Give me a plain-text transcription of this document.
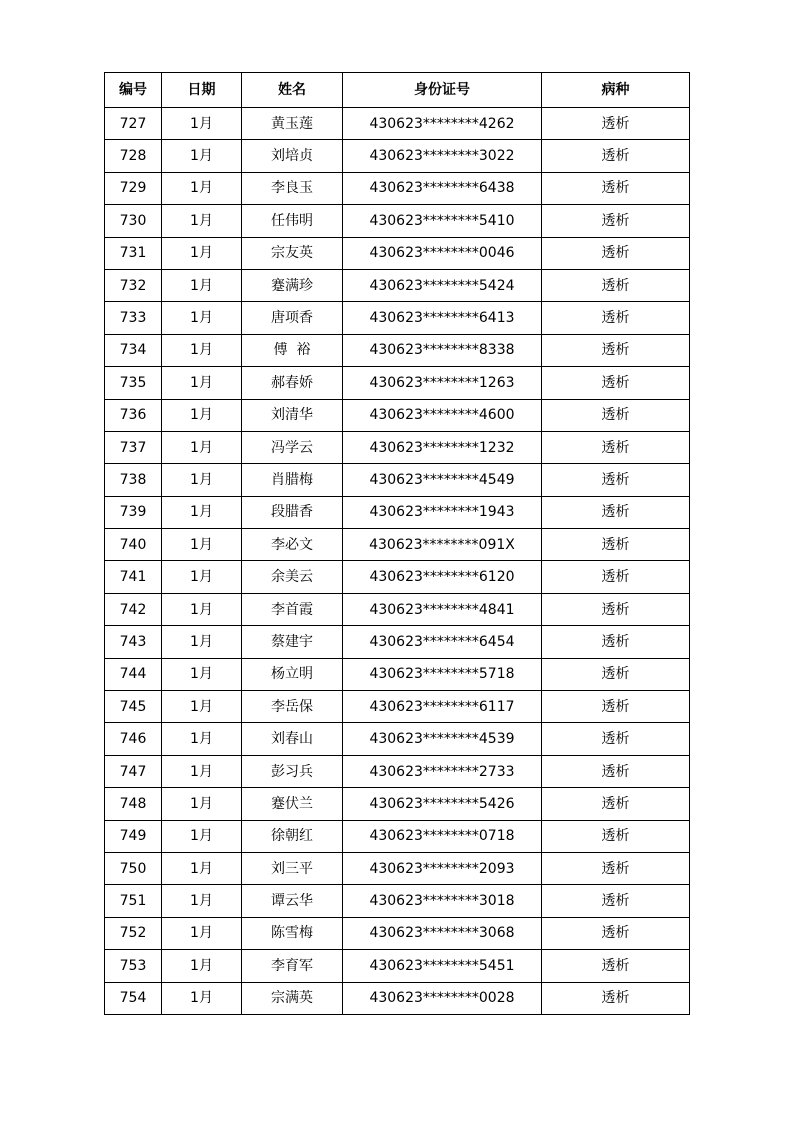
编号	日期	姓名	身份证号	病种
727	1月	黄玉莲	430623********4262	透析
728	1月	刘培贞	430623********3022	透析
729	1月	李良玉	430623********6438	透析
730	1月	任伟明	430623********5410	透析
731	1月	宗友英	430623********0046	透析
732	1月	蹇满珍	430623********5424	透析
733	1月	唐项香	430623********6413	透析
734	1月	傅  裕	430623********8338	透析
735	1月	郝春娇	430623********1263	透析
736	1月	刘清华	430623********4600	透析
737	1月	冯学云	430623********1232	透析
738	1月	肖腊梅	430623********4549	透析
739	1月	段腊香	430623********1943	透析
740	1月	李必文	430623********091X	透析
741	1月	余美云	430623********6120	透析
742	1月	李首霞	430623********4841	透析
743	1月	蔡建宇	430623********6454	透析
744	1月	杨立明	430623********5718	透析
745	1月	李岳保	430623********6117	透析
746	1月	刘春山	430623********4539	透析
747	1月	彭习兵	430623********2733	透析
748	1月	蹇伏兰	430623********5426	透析
749	1月	徐朝红	430623********0718	透析
750	1月	刘三平	430623********2093	透析
751	1月	谭云华	430623********3018	透析
752	1月	陈雪梅	430623********3068	透析
753	1月	李育军	430623********5451	透析
754	1月	宗满英	430623********0028	透析
